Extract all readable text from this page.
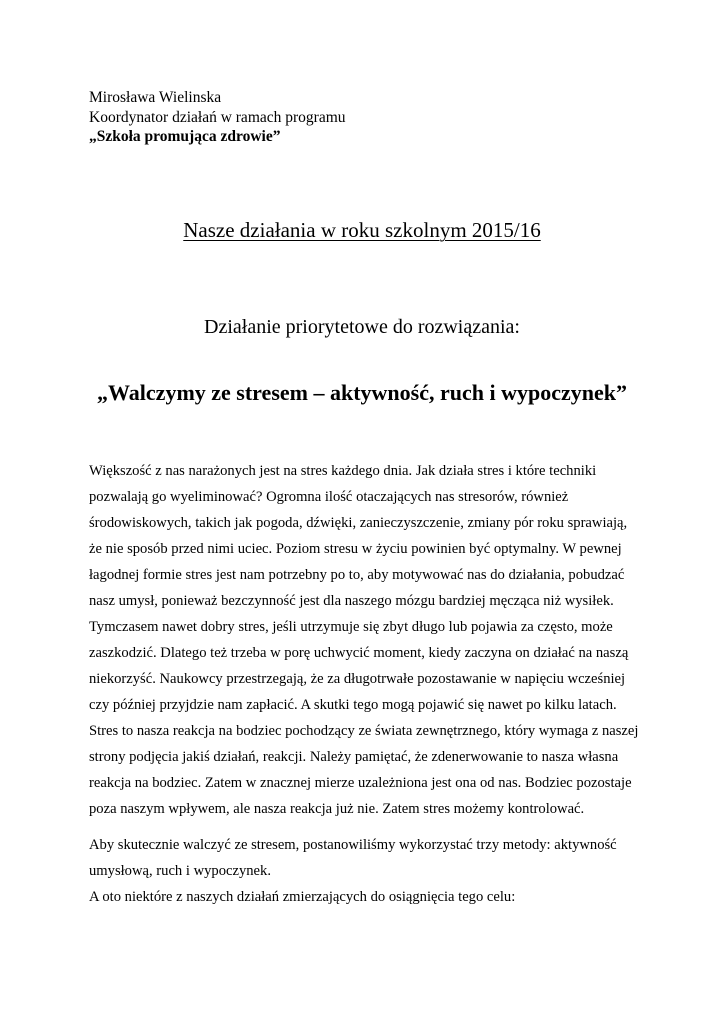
Mirosława Wielinska
Koordynator działań w ramach programu
„Szkoła promująca zdrowie”
Nasze działania w roku szkolnym 2015/16
Działanie priorytetowe do rozwiązania:
„Walczymy ze stresem – aktywność, ruch i wypoczynek”
Większość z nas narażonych jest na stres każdego dnia. Jak działa stres i które techniki
pozwalają go wyeliminować? Ogromna ilość otaczających nas stresorów, również
środowiskowych, takich jak pogoda, dźwięki, zanieczyszczenie, zmiany pór roku sprawiają,
że nie sposób przed nimi uciec. Poziom stresu w życiu powinien być optymalny. W pewnej
łagodnej formie stres jest nam potrzebny po to, aby motywować nas do działania, pobudzać
nasz umysł, ponieważ bezczynność jest dla naszego mózgu bardziej męcząca niż wysiłek.
Tymczasem nawet dobry stres, jeśli utrzymuje się zbyt długo lub pojawia za często, może
zaszkodzić. Dlatego też trzeba w porę uchwycić moment, kiedy zaczyna on działać na naszą
niekorzyść. Naukowcy przestrzegają, że za długotrwałe pozostawanie w napięciu wcześniej
czy później przyjdzie nam zapłacić. A skutki tego mogą pojawić się nawet po kilku latach.
Stres to nasza reakcja na bodziec pochodzący ze świata zewnętrznego, który wymaga z naszej
strony podjęcia jakiś działań, reakcji. Należy pamiętać, że zdenerwowanie to nasza własna
reakcja na bodziec. Zatem w znacznej mierze uzależniona jest ona od nas. Bodziec pozostaje
poza naszym wpływem, ale nasza reakcja już nie. Zatem stres możemy kontrolować.
Aby skutecznie walczyć ze stresem, postanowiliśmy wykorzystać trzy metody: aktywność
umysłową, ruch i wypoczynek.
A oto niektóre z naszych działań zmierzających do osiągnięcia tego celu:
